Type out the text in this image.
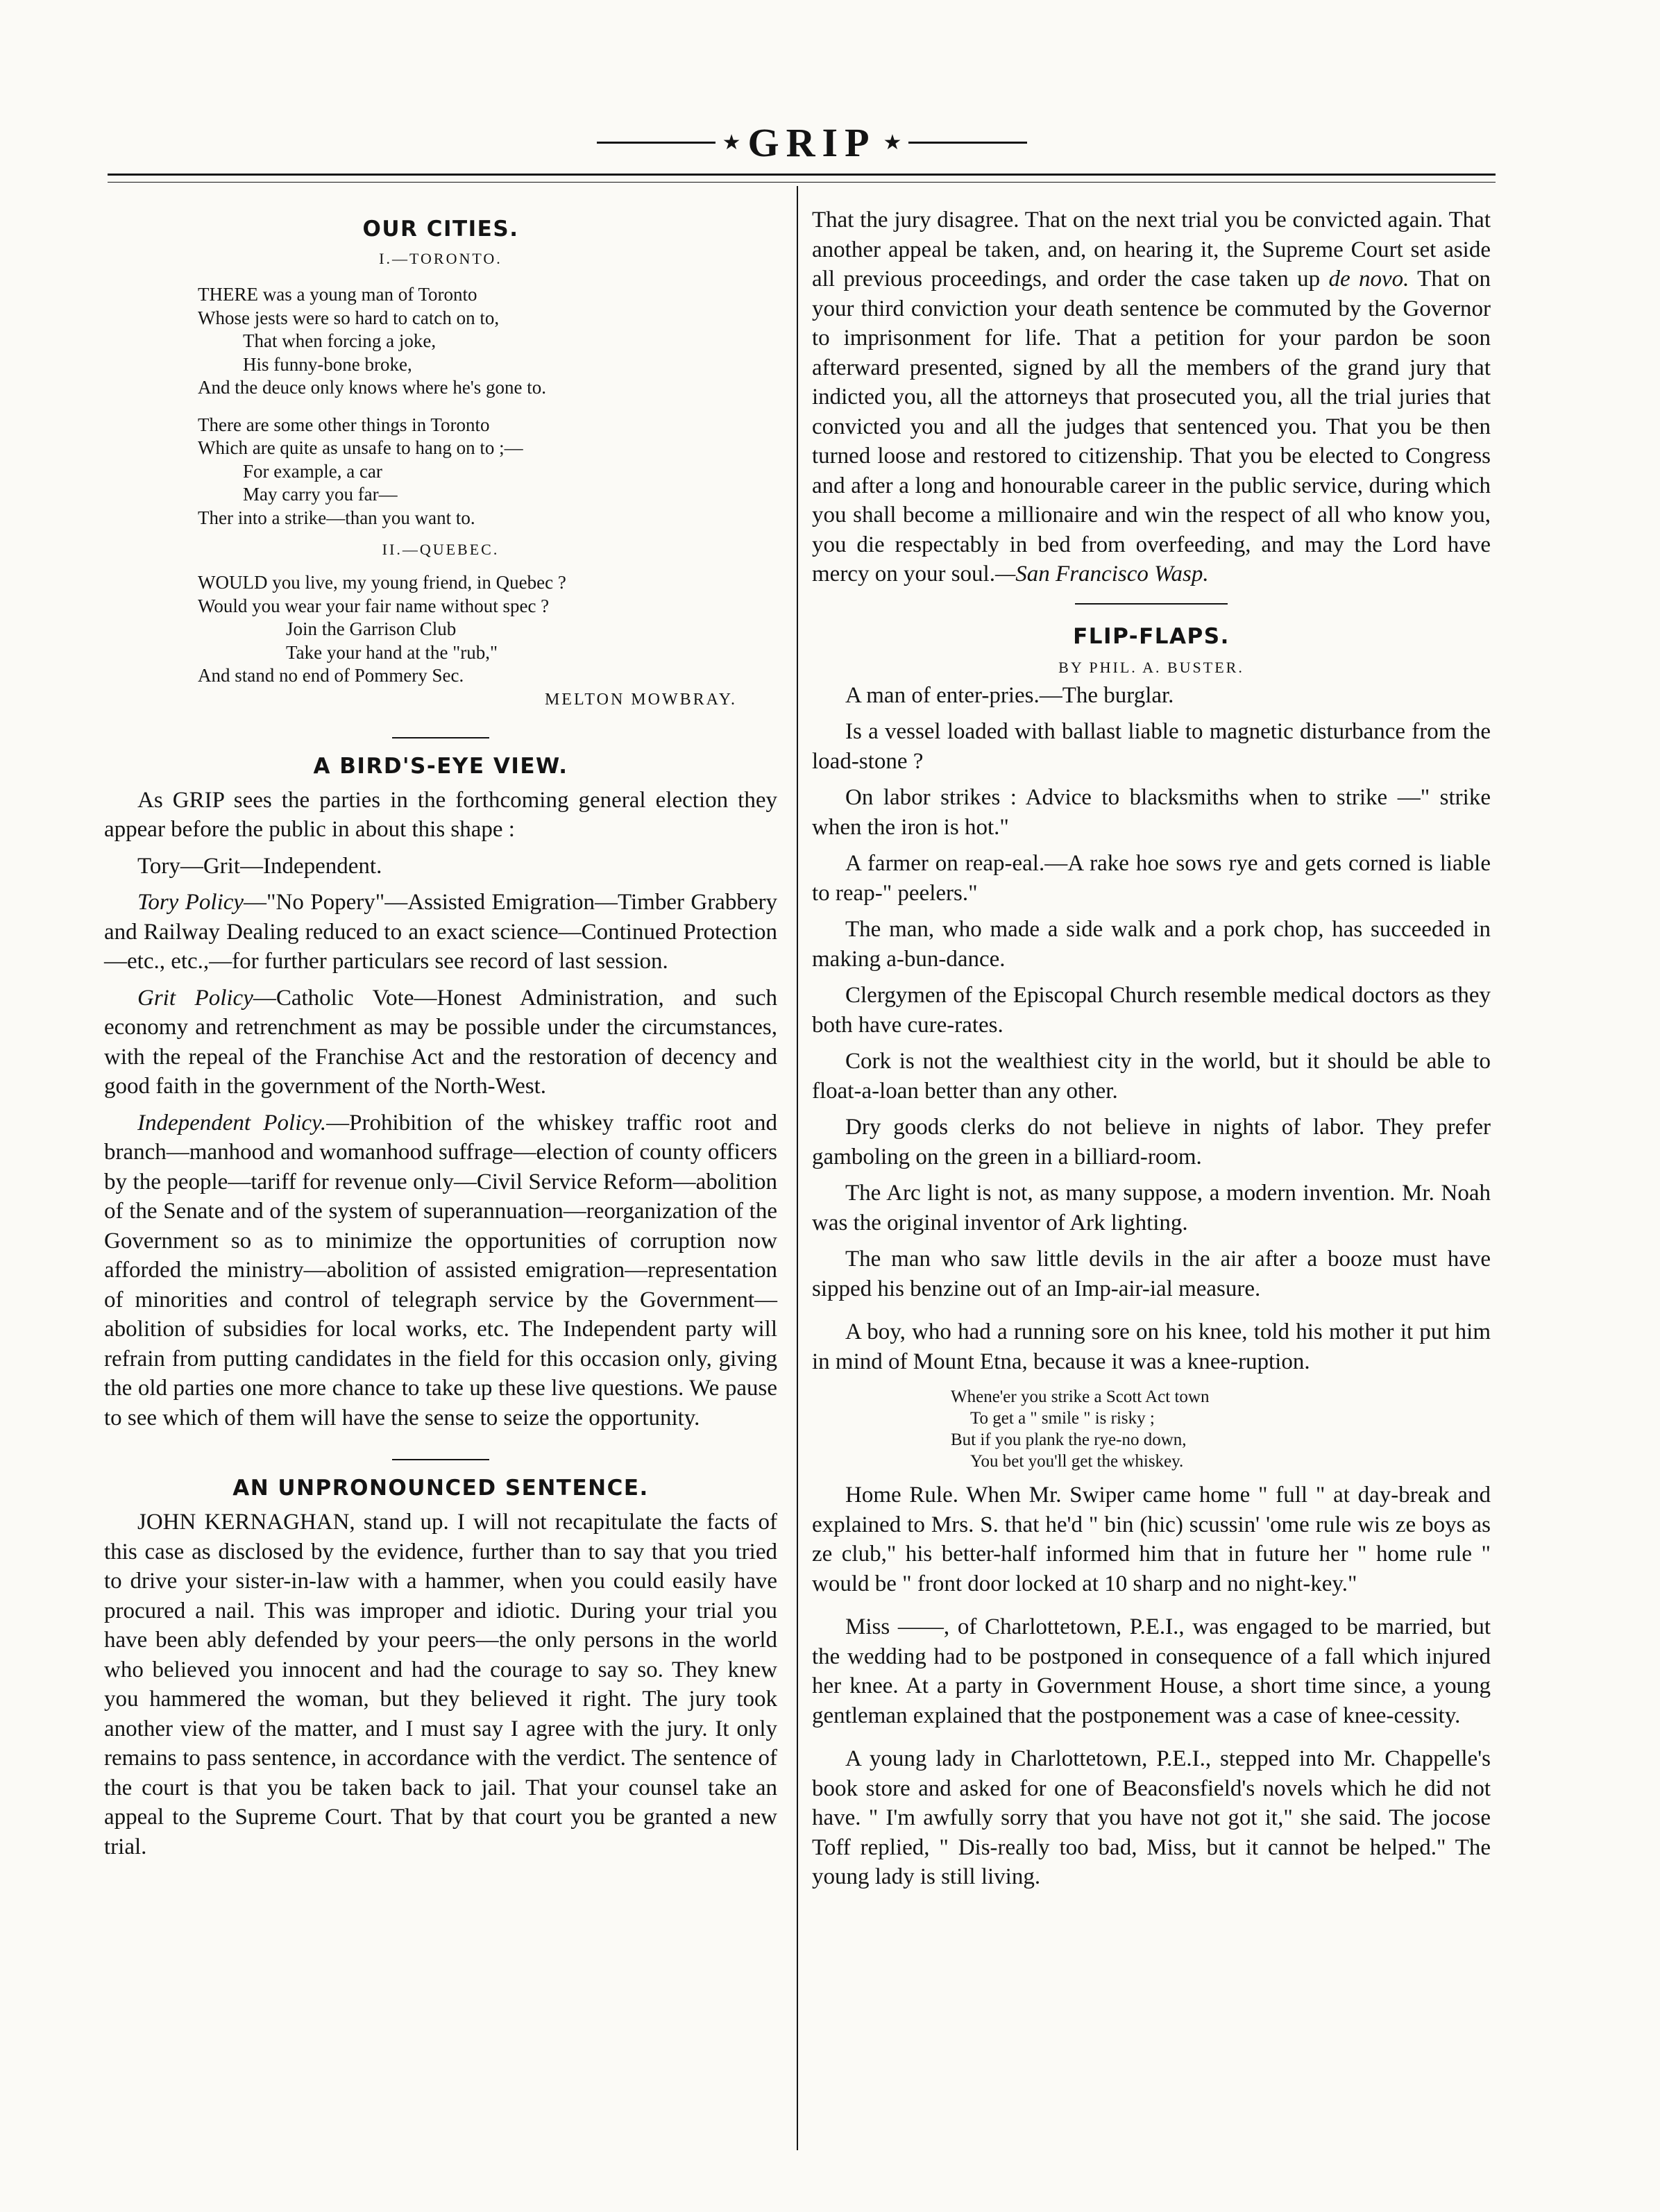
★ GRIP ★

OUR CITIES.

I.—TORONTO.

THERE was a young man of Toronto
Whose jests were so hard to catch on to,
That when forcing a joke,
His funny-bone broke,
And the deuce only knows where he's gone to.
There are some other things in Toronto
Which are quite as unsafe to hang on to ;—
For example, a car
May carry you far—
Ther into a strike—than you want to.

II.—QUEBEC.

WOULD you live, my young friend, in Quebec ?
Would you wear your fair name without spec ?
Join the Garrison Club
Take your hand at the "rub,"
And stand no end of Pommery Sec.
MELTON MOWBRAY.

A BIRD'S-EYE VIEW.

As GRIP sees the parties in the forthcoming general election they appear before the public in about this shape :

Tory—Grit—Independent.

Tory Policy—"No Popery"—Assisted Emigration—Timber Grabbery and Railway Dealing reduced to an exact science—Continued Protection—etc., etc.,—for further particulars see record of last session.

Grit Policy—Catholic Vote—Honest Administration, and such economy and retrenchment as may be possible under the circumstances, with the repeal of the Franchise Act and the restoration of decency and good faith in the government of the North-West.

Independent Policy.—Prohibition of the whiskey traffic root and branch—manhood and womanhood suffrage—election of county officers by the people—tariff for revenue only—Civil Service Reform—abolition of the Senate and of the system of superannuation—reorganization of the Government so as to minimize the opportunities of corruption now afforded the ministry—abolition of assisted emigration—representation of minorities and control of telegraph service by the Government—abolition of subsidies for local works, etc. The Independent party will refrain from putting candidates in the field for this occasion only, giving the old parties one more chance to take up these live questions. We pause to see which of them will have the sense to seize the opportunity.

AN UNPRONOUNCED SENTENCE.

JOHN KERNAGHAN, stand up. I will not recapitulate the facts of this case as disclosed by the evidence, further than to say that you tried to drive your sister-in-law with a hammer, when you could easily have procured a nail. This was improper and idiotic. During your trial you have been ably defended by your peers—the only persons in the world who believed you innocent and had the courage to say so. They knew you hammered the woman, but they believed it right. The jury took another view of the matter, and I must say I agree with the jury. It only remains to pass sentence, in accordance with the verdict. The sentence of the court is that you be taken back to jail. That your counsel take an appeal to the Supreme Court. That by that court you be granted a new trial.

That the jury disagree. That on the next trial you be convicted again. That another appeal be taken, and, on hearing it, the Supreme Court set aside all previous proceedings, and order the case taken up de novo. That on your third conviction your death sentence be commuted by the Governor to imprisonment for life. That a petition for your pardon be soon afterward presented, signed by all the members of the grand jury that indicted you, all the attorneys that prosecuted you, all the trial juries that convicted you and all the judges that sentenced you. That you be then turned loose and restored to citizenship. That you be elected to Congress and after a long and honourable career in the public service, during which you shall become a millionaire and win the respect of all who know you, you die respectably in bed from overfeeding, and may the Lord have mercy on your soul.—San Francisco Wasp.

FLIP-FLAPS.

BY PHIL. A. BUSTER.

A man of enter-pries.—The burglar.

Is a vessel loaded with ballast liable to magnetic disturbance from the load-stone ?

On labor strikes : Advice to blacksmiths when to strike —" strike when the iron is hot."

A farmer on reap-eal.—A rake hoe sows rye and gets corned is liable to reap-" peelers."

The man, who made a side walk and a pork chop, has succeeded in making a-bun-dance.

Clergymen of the Episcopal Church resemble medical doctors as they both have cure-rates.

Cork is not the wealthiest city in the world, but it should be able to float-a-loan better than any other.

Dry goods clerks do not believe in nights of labor. They prefer gamboling on the green in a billiard-room.

The Arc light is not, as many suppose, a modern invention. Mr. Noah was the original inventor of Ark lighting.

The man who saw little devils in the air after a booze must have sipped his benzine out of an Imp-air-ial measure.

A boy, who had a running sore on his knee, told his mother it put him in mind of Mount Etna, because it was a knee-ruption.

Whene'er you strike a Scott Act town
To get a " smile " is risky ;
But if you plank the rye-no down,
You bet you'll get the whiskey.

Home Rule. When Mr. Swiper came home " full " at day-break and explained to Mrs. S. that he'd " bin (hic) scussin' 'ome rule wis ze boys as ze club," his better-half informed him that in future her " home rule " would be " front door locked at 10 sharp and no night-key."

Miss ——, of Charlottetown, P.E.I., was engaged to be married, but the wedding had to be postponed in consequence of a fall which injured her knee. At a party in Government House, a short time since, a young gentleman explained that the postponement was a case of knee-cessity.

A young lady in Charlottetown, P.E.I., stepped into Mr. Chappelle's book store and asked for one of Beaconsfield's novels which he did not have. " I'm awfully sorry that you have not got it," she said. The jocose Toff replied, " Dis-really too bad, Miss, but it cannot be helped." The young lady is still living.
